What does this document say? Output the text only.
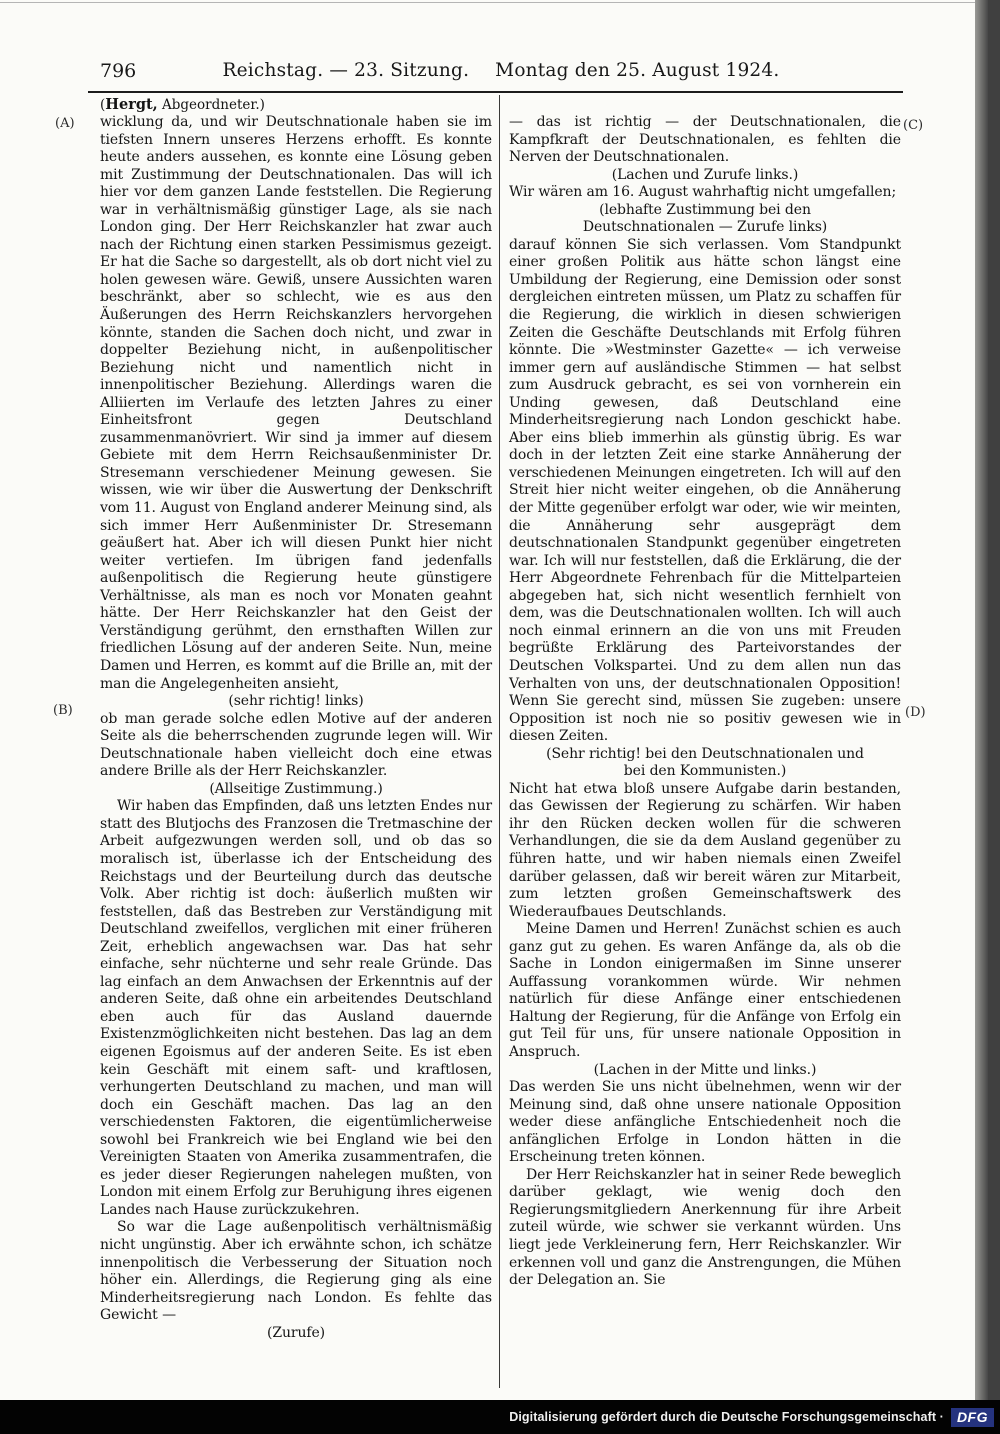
796	Reichstag. — 23. Sitzung. Montag den 25. August 1924.
(Hergt, Abgeordneter.)
(A)
(B)
(C)
(D)

wicklung da, und wir Deutschnationale haben sie im tiefsten Innern unseres Herzens erhofft. Es konnte heute anders aussehen, es konnte eine Lösung geben mit Zustimmung der Deutschnationalen. Das will ich hier vor dem ganzen Lande feststellen. Die Regierung war in verhältnismäßig günstiger Lage, als sie nach London ging. Der Herr Reichskanzler hat zwar auch nach der Richtung einen starken Pessimismus gezeigt. Er hat die Sache so dargestellt, als ob dort nicht viel zu holen gewesen wäre. Gewiß, unsere Aussichten waren beschränkt, aber so schlecht, wie es aus den Äußerungen des Herrn Reichskanzlers hervorgehen könnte, standen die Sachen doch nicht, und zwar in doppelter Beziehung nicht, in außenpolitischer Beziehung nicht und namentlich nicht in innenpolitischer Beziehung. Allerdings waren die Alliierten im Verlaufe des letzten Jahres zu einer Einheitsfront gegen Deutschland zusammenmanövriert. Wir sind ja immer auf diesem Gebiete mit dem Herrn Reichsaußenminister Dr. Stresemann verschiedener Meinung gewesen. Sie wissen, wie wir über die Auswertung der Denkschrift vom 11. August von England anderer Meinung sind, als sich immer Herr Außenminister Dr. Stresemann geäußert hat. Aber ich will diesen Punkt hier nicht weiter vertiefen. Im übrigen fand jedenfalls außenpolitisch die Regierung heute günstigere Verhältnisse, als man es noch vor Monaten geahnt hätte. Der Herr Reichskanzler hat den Geist der Verständigung gerühmt, den ernsthaften Willen zur friedlichen Lösung auf der anderen Seite. Nun, meine Damen und Herren, es kommt auf die Brille an, mit der man die Angelegenheiten ansieht,

(sehr richtig! links)

ob man gerade solche edlen Motive auf der anderen Seite als die beherrschenden zugrunde legen will. Wir Deutschnationale haben vielleicht doch eine etwas andere Brille als der Herr Reichskanzler.

(Allseitige Zustimmung.)

Wir haben das Empfinden, daß uns letzten Endes nur statt des Blutjochs des Franzosen die Tretmaschine der Arbeit aufgezwungen werden soll, und ob das so moralisch ist, überlasse ich der Entscheidung des Reichstags und der Beurteilung durch das deutsche Volk. Aber richtig ist doch: äußerlich mußten wir feststellen, daß das Bestreben zur Verständigung mit Deutschland zweifellos, verglichen mit einer früheren Zeit, erheblich angewachsen war. Das hat sehr einfache, sehr nüchterne und sehr reale Gründe. Das lag einfach an dem Anwachsen der Erkenntnis auf der anderen Seite, daß ohne ein arbeitendes Deutschland eben auch für das Ausland dauernde Existenzmöglichkeiten nicht bestehen. Das lag an dem eigenen Egoismus auf der anderen Seite. Es ist eben kein Geschäft mit einem saft- und kraftlosen, verhungerten Deutschland zu machen, und man will doch ein Geschäft machen. Das lag an den verschiedensten Faktoren, die eigentümlicherweise sowohl bei Frankreich wie bei England wie bei den Vereinigten Staaten von Amerika zusammentrafen, die es jeder dieser Regierungen nahelegen mußten, von London mit einem Erfolg zur Beruhigung ihres eigenen Landes nach Hause zurückzukehren.

So war die Lage außenpolitisch verhältnismäßig nicht ungünstig. Aber ich erwähnte schon, ich schätze innenpolitisch die Verbesserung der Situation noch höher ein. Allerdings, die Regierung ging als eine Minderheitsregierung nach London. Es fehlte das Gewicht —

(Zurufe)

— das ist richtig — der Deutschnationalen, die Kampfkraft der Deutschnationalen, es fehlten die Nerven der Deutschnationalen.

(Lachen und Zurufe links.)

Wir wären am 16. August wahrhaftig nicht umgefallen;

(lebhafte Zustimmung bei den Deutschnationalen — Zurufe links)

darauf können Sie sich verlassen. Vom Standpunkt einer großen Politik aus hätte schon längst eine Umbildung der Regierung, eine Demission oder sonst dergleichen eintreten müssen, um Platz zu schaffen für die Regierung, die wirklich in diesen schwierigen Zeiten die Geschäfte Deutschlands mit Erfolg führen könnte. Die »Westminster Gazette« — ich verweise immer gern auf ausländische Stimmen — hat selbst zum Ausdruck gebracht, es sei von vornherein ein Unding gewesen, daß Deutschland eine Minderheitsregierung nach London geschickt habe. Aber eins blieb immerhin als günstig übrig. Es war doch in der letzten Zeit eine starke Annäherung der verschiedenen Meinungen eingetreten. Ich will auf den Streit hier nicht weiter eingehen, ob die Annäherung der Mitte gegenüber erfolgt war oder, wie wir meinten, die Annäherung sehr ausgeprägt dem deutschnationalen Standpunkt gegenüber eingetreten war. Ich will nur feststellen, daß die Erklärung, die der Herr Abgeordnete Fehrenbach für die Mittelparteien abgegeben hat, sich nicht wesentlich fernhielt von dem, was die Deutschnationalen wollten. Ich will auch noch einmal erinnern an die von uns mit Freuden begrüßte Erklärung des Parteivorstandes der Deutschen Volkspartei. Und zu dem allen nun das Verhalten von uns, der deutschnationalen Opposition! Wenn Sie gerecht sind, müssen Sie zugeben: unsere Opposition ist noch nie so positiv gewesen wie in diesen Zeiten.

(Sehr richtig! bei den Deutschnationalen und bei den Kommunisten.)

Nicht hat etwa bloß unsere Aufgabe darin bestanden, das Gewissen der Regierung zu schärfen. Wir haben ihr den Rücken decken wollen für die schweren Verhandlungen, die sie da dem Ausland gegenüber zu führen hatte, und wir haben niemals einen Zweifel darüber gelassen, daß wir bereit wären zur Mitarbeit, zum letzten großen Gemeinschaftswerk des Wiederaufbaues Deutschlands.

Meine Damen und Herren! Zunächst schien es auch ganz gut zu gehen. Es waren Anfänge da, als ob die Sache in London einigermaßen im Sinne unserer Auffassung vorankommen würde. Wir nehmen natürlich für diese Anfänge einer entschiedenen Haltung der Regierung, für die Anfänge von Erfolg ein gut Teil für uns, für unsere nationale Opposition in Anspruch.

(Lachen in der Mitte und links.)

Das werden Sie uns nicht übelnehmen, wenn wir der Meinung sind, daß ohne unsere nationale Opposition weder diese anfängliche Entschiedenheit noch die anfänglichen Erfolge in London hätten in die Erscheinung treten können.

Der Herr Reichskanzler hat in seiner Rede beweglich darüber geklagt, wie wenig doch den Regierungsmitgliedern Anerkennung für ihre Arbeit zuteil würde, wie schwer sie verkannt würden. Uns liegt jede Verkleinerung fern, Herr Reichskanzler. Wir erkennen voll und ganz die Anstrengungen, die Mühen der Delegation an. Sie

Digitalisierung gefördert durch die Deutsche Forschungsgemeinschaft · DFG
